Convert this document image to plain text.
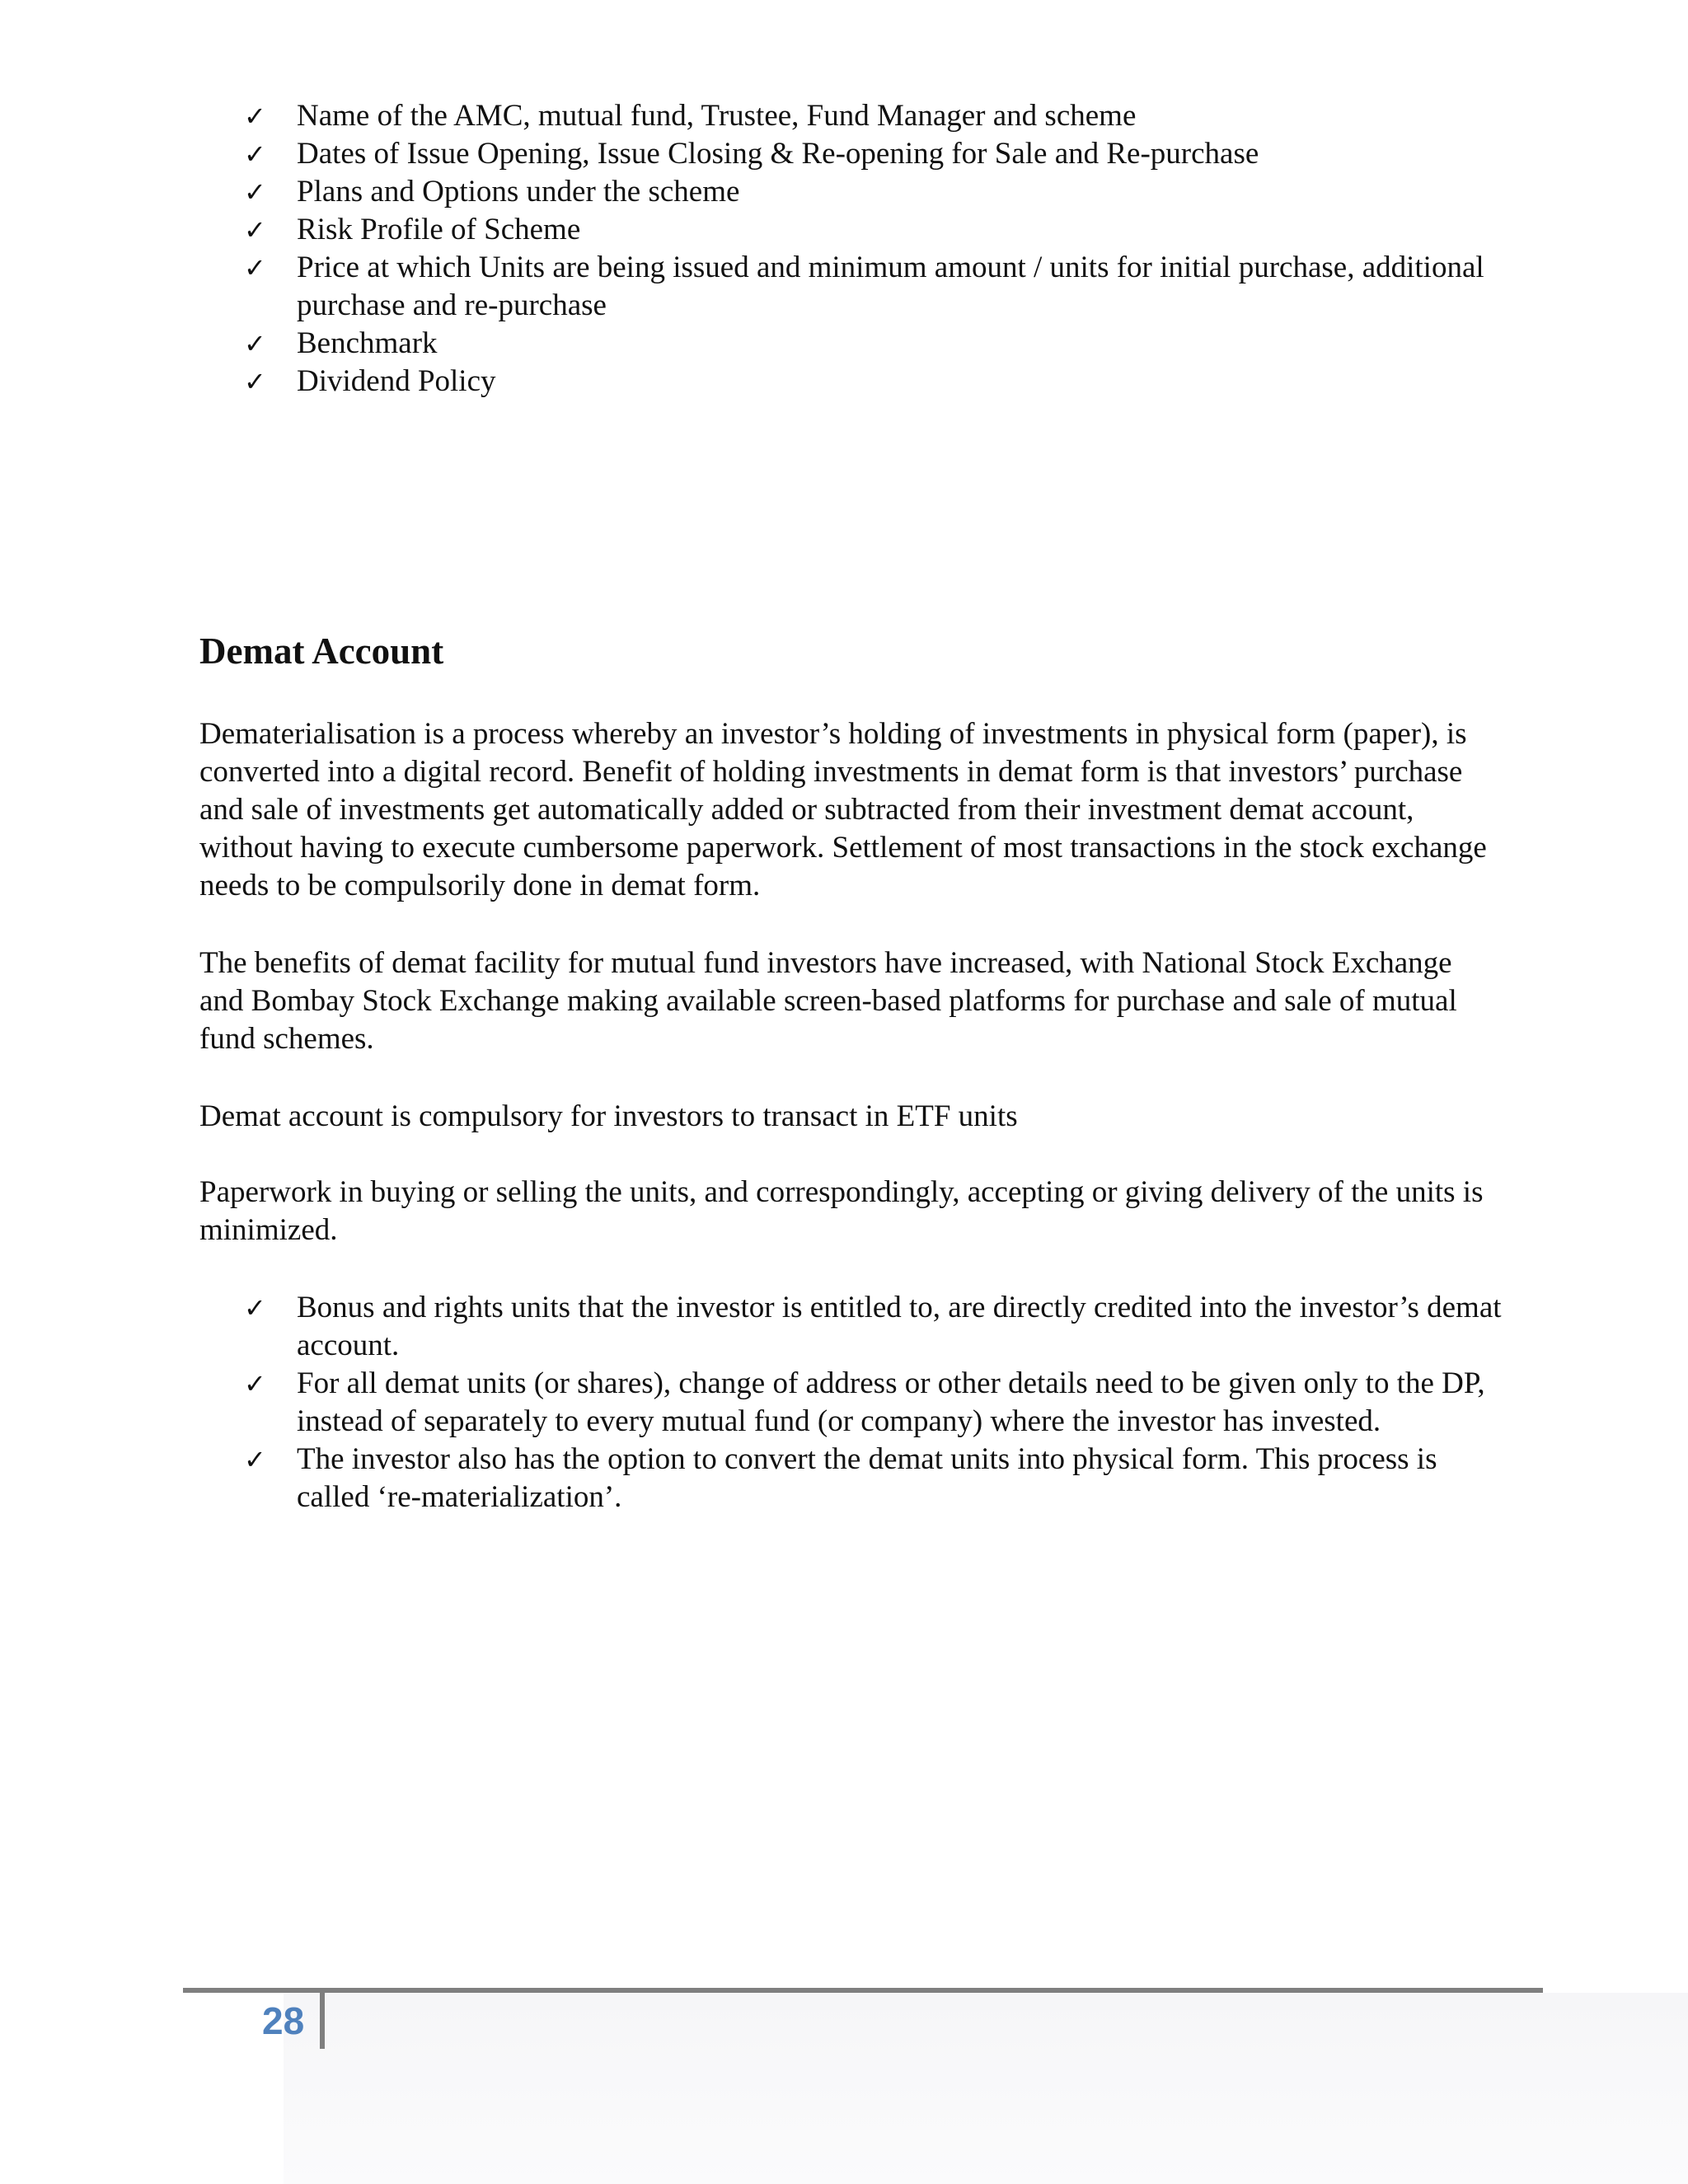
✓ Name of the AMC, mutual fund, Trustee, Fund Manager and scheme
✓ Dates of Issue Opening, Issue Closing & Re-opening for Sale and Re-purchase
✓ Plans and Options under the scheme
✓ Risk Profile of Scheme
✓ Price at which Units are being issued and minimum amount / units for initial purchase, additional purchase and re-purchase
✓ Benchmark
✓ Dividend Policy
Demat Account

Dematerialisation is a process whereby an investor’s holding of investments in physical form (paper), is converted into a digital record. Benefit of holding investments in demat form is that investors’ purchase and sale of investments get automatically added or subtracted from their investment demat account, without having to execute cumbersome paperwork. Settlement of most transactions in the stock exchange needs to be compulsorily done in demat form.

The benefits of demat facility for mutual fund investors have increased, with National Stock Exchange and Bombay Stock Exchange making available screen-based platforms for purchase and sale of mutual fund schemes.

Demat account is compulsory for investors to transact in ETF units

Paperwork in buying or selling the units, and correspondingly, accepting or giving delivery of the units is minimized.

✓ Bonus and rights units that the investor is entitled to, are directly credited into the investor’s demat account.
✓ For all demat units (or shares), change of address or other details need to be given only to the DP, instead of separately to every mutual fund (or company) where the investor has invested.
✓ The investor also has the option to convert the demat units into physical form. This process is called ‘re-materialization’.
28
